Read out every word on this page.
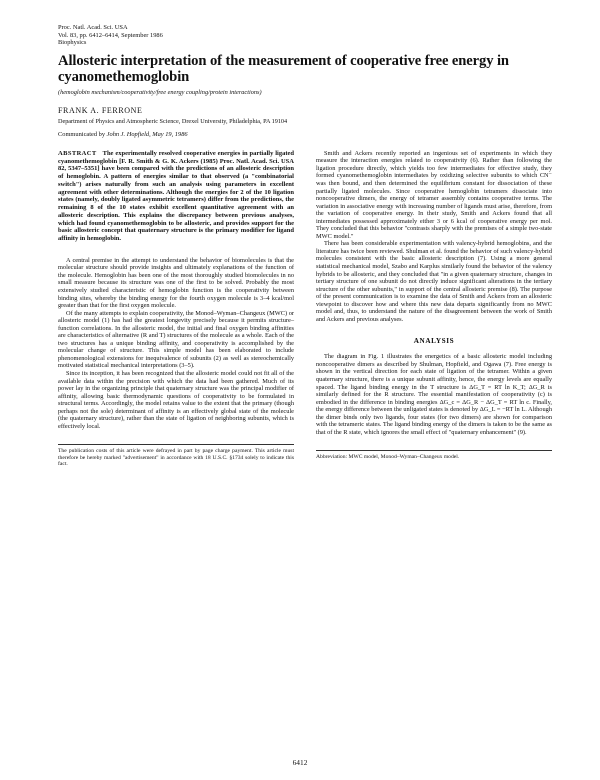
Proc. Natl. Acad. Sci. USA

Vol. 83, pp. 6412–6414, September 1986

Biophysics

Allosteric interpretation of the measurement of cooperative free energy in cyanomethemoglobin

(hemoglobin mechanism/cooperativity/free energy coupling/protein interactions)

FRANK A. FERRONE

Department of Physics and Atmospheric Science, Drexel University, Philadelphia, PA 19104

Communicated by John J. Hopfield, May 19, 1986

ABSTRACT The experimentally resolved cooperative energies in partially ligated cyanomethemoglobin [F. R. Smith & G. K. Ackers (1985) Proc. Natl. Acad. Sci. USA 82, 5347–5351] have been compared with the predictions of an allosteric description of hemoglobin. A pattern of energies similar to that observed (a "combinatorial switch") arises naturally from such an analysis using parameters in excellent agreement with other determinations. Although the energies for 2 of the 10 ligation states (namely, doubly ligated asymmetric tetramers) differ from the predictions, the remaining 8 of the 10 states exhibit excellent quantitative agreement with an allosteric description. This explains the discrepancy between previous analyses, which had found cyanomethemoglobin to be allosteric, and provides support for the basic allosteric concept that quaternary structure is the primary modifier for ligand affinity in hemoglobin.

A central premise in the attempt to understand the behavior of biomolecules is that the molecular structure should provide insights and ultimately explanations of the function of the molecule. Hemoglobin has been one of the most thoroughly studied biomolecules in no small measure because its structure was one of the first to be solved. Probably the most extensively studied characteristic of hemoglobin function is the cooperativity between binding sites, whereby the binding energy for the fourth oxygen molecule is 3–4 kcal/mol greater than that for the first oxygen molecule.

Of the many attempts to explain cooperativity, the Monod–Wyman–Changeux (MWC) or allosteric model (1) has had the greatest longevity precisely because it permits structure–function correlations. In the allosteric model, the initial and final oxygen binding affinities are characteristics of alternative (R and T) structures of the molecule as a whole. Each of the two structures has a unique binding affinity, and cooperativity is accomplished by the molecular change of structure. This simple model has been elaborated to include phenomenological extensions for inequivalence of subunits (2) as well as stereochemically motivated statistical mechanical interpretations (3–5).

Since its inception, it has been recognized that the allosteric model could not fit all of the available data within the precision with which the data had been gathered. Much of its power lay in the organizing principle that quaternary structure was the principal modifier of affinity, allowing basic thermodynamic questions of cooperativity to be formulated in structural terms. Accordingly, the model retains value to the extent that the primary (though perhaps not the sole) determinant of affinity is an effectively global state of the molecule (the quaternary structure), rather than the state of ligation of neighboring subunits, which is effectively local.

The publication costs of this article were defrayed in part by page charge payment. This article must therefore be hereby marked "advertisement" in accordance with 18 U.S.C. §1734 solely to indicate this fact.

Smith and Ackers recently reported an ingenious set of experiments in which they measure the interaction energies related to cooperativity (6). Rather than following the ligation procedure directly, which yields too few intermediates for effective study, they formed cyanomethemoglobin intermediates by oxidizing selective subunits to which CN⁻ was then bound, and then determined the equilibrium constant for dissociation of these partially ligated molecules. Since cooperative hemoglobin tetramers dissociate into noncooperative dimers, the energy of tetramer assembly contains cooperative terms. The variation in associative energy with increasing number of ligands must arise, therefore, from the variation of cooperative energy. In their study, Smith and Ackers found that all intermediates possessed approximately either 3 or 6 kcal of cooperative energy per mol. They concluded that this behavior "contrasts sharply with the premises of a simple two-state MWC model."

There has been considerable experimentation with valency-hybrid hemoglobins, and the literature has twice been reviewed. Shulman et al. found the behavior of such valency-hybrid molecules consistent with the basic allosteric description (7). Using a more general statistical mechanical model, Szabo and Karplus similarly found the behavior of the valency hybrids to be allosteric, and they concluded that "in a given quaternary structure, changes in tertiary structure of one subunit do not directly induce significant alterations in the tertiary structure of the other subunits," in support of the central allosteric premise (8). The purpose of the present communication is to examine the data of Smith and Ackers from an allosteric viewpoint to discover how and where this new data departs significantly from no MWC model and, thus, to understand the nature of the disagreement between the work of Smith and Ackers and previous analyses.

ANALYSIS

The diagram in Fig. 1 illustrates the energetics of a basic allosteric model including noncooperative dimers as described by Shulman, Hopfield, and Ogawa (7). Free energy is shown in the vertical direction for each state of ligation of the tetramer. Within a given quaternary structure, there is a unique subunit affinity, hence, the energy levels are equally spaced. The ligand binding energy in the T structure is ΔG_T = RT ln K_T; ΔG_R is similarly defined for the R structure. The essential manifestation of cooperativity (c) is embodied in the difference in binding energies ΔG_c = ΔG_R − ΔG_T = RT ln c. Finally, the energy difference between the unligated states is denoted by ΔG_L = −RT ln L. Although the dimer binds only two ligands, four states (for two dimers) are shown for comparison with the tetrameric states. The ligand binding energy of the dimers is taken to be the same as that of the R state, which ignores the small effect of "quaternary enhancement" (9).

Abbreviation: MWC model, Monod–Wyman–Changeux model.

6412
